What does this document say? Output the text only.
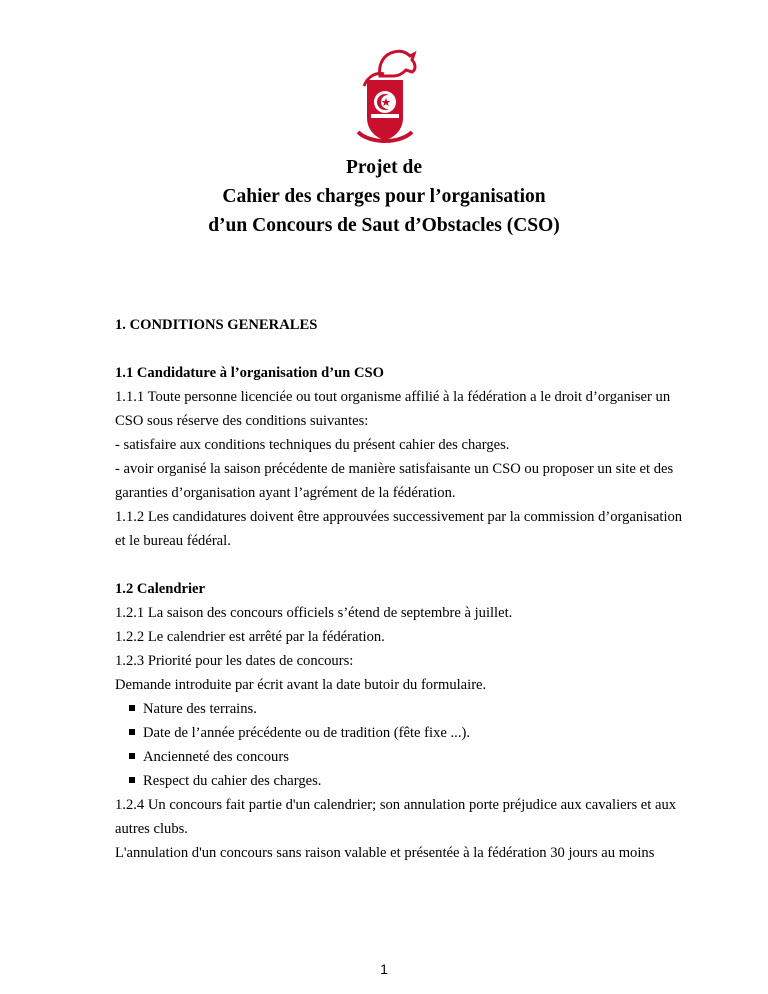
Projet de
Cahier des charges pour l’organisation
d’un Concours de Saut d’Obstacles (CSO)
1. CONDITIONS GENERALES
1.1 Candidature à l’organisation d’un CSO
1.1.1 Toute personne licenciée ou tout organisme affilié à la fédération a le droit d’organiser un
CSO sous réserve des conditions suivantes:
- satisfaire aux conditions techniques du présent cahier des charges.
- avoir organisé la saison précédente de manière satisfaisante un CSO ou proposer un site et des
garanties d’organisation ayant l’agrément de la fédération.
1.1.2 Les candidatures doivent être approuvées successivement par la commission d’organisation
et le bureau fédéral.
1.2 Calendrier
1.2.1 La saison des concours officiels s’étend de septembre à juillet.
1.2.2 Le calendrier est arrêté par la fédération.
1.2.3 Priorité pour les dates de concours:
Demande introduite par écrit avant la date butoir du formulaire.
Nature des terrains.
Date de l’année précédente ou de tradition (fête fixe ...).
Ancienneté des concours
Respect du cahier des charges.
1.2.4 Un concours fait partie d'un calendrier; son annulation porte préjudice aux cavaliers et aux
autres clubs.
L'annulation d'un concours sans raison valable et présentée à la fédération 30 jours au moins
1
